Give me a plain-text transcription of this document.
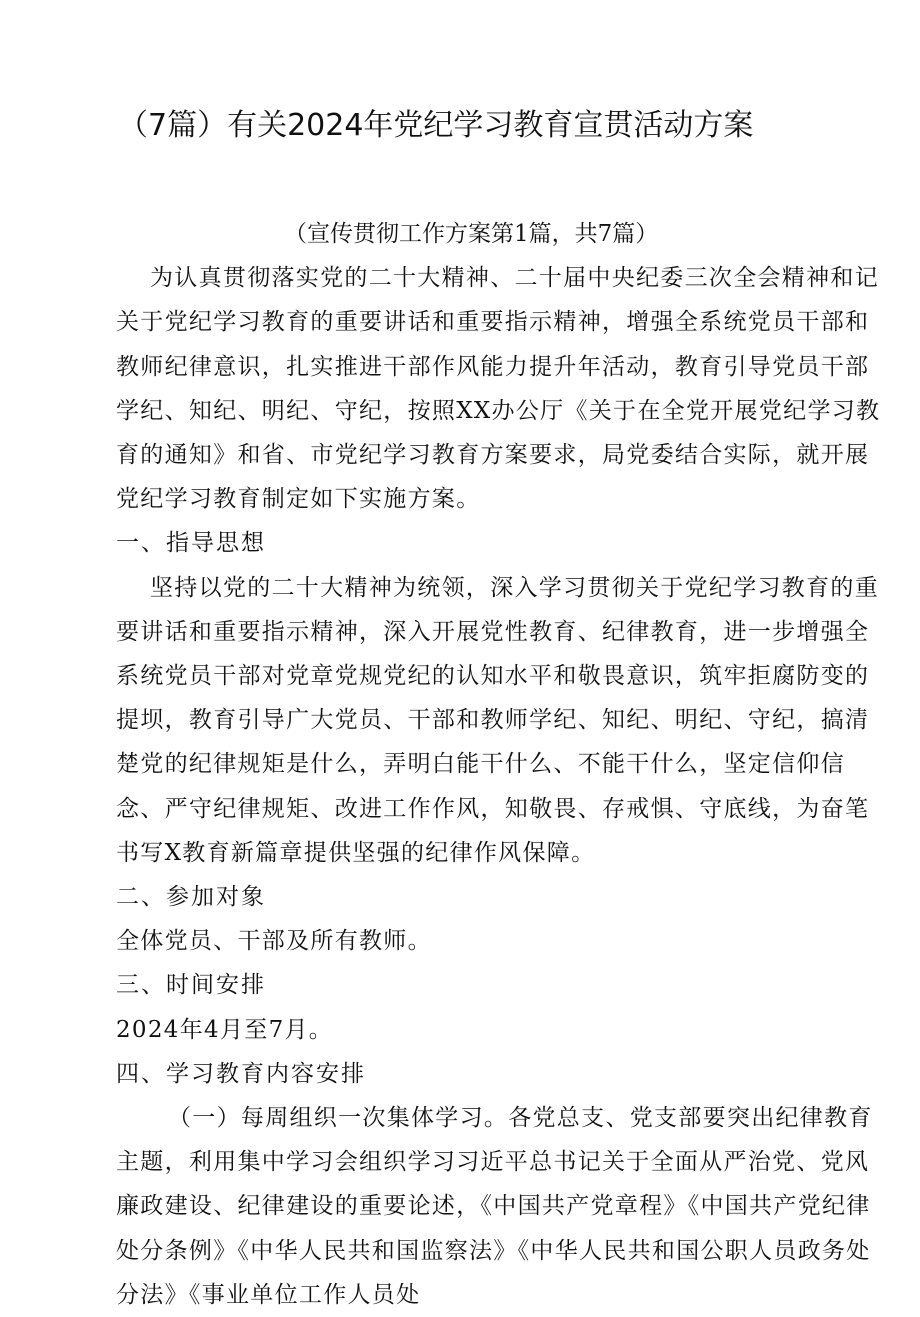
（7篇）有关2024年党纪学习教育宣贯活动方案

（宣传贯彻工作方案第1篇，共7篇）

为认真贯彻落实党的二十大精神、二十届中央纪委三次全会精神和记关于党纪学习教育的重要讲话和重要指示精神，增强全系统党员干部和教师纪律意识，扎实推进干部作风能力提升年活动，教育引导党员干部学纪、知纪、明纪、守纪，按照XX办公厅《关于在全党开展党纪学习教育的通知》和省、市党纪学习教育方案要求，局党委结合实际，就开展党纪学习教育制定如下实施方案。

一、指导思想

坚持以党的二十大精神为统领，深入学习贯彻关于党纪学习教育的重要讲话和重要指示精神，深入开展党性教育、纪律教育，进一步增强全系统党员干部对党章党规党纪的认知水平和敬畏意识，筑牢拒腐防变的提坝，教育引导广大党员、干部和教师学纪、知纪、明纪、守纪，搞清楚党的纪律规矩是什么，弄明白能干什么、不能干什么，坚定信仰信念、严守纪律规矩、改进工作作风，知敬畏、存戒惧、守底线，为奋笔书写X教育新篇章提供坚强的纪律作风保障。

二、参加对象

全体党员、干部及所有教师。

三、时间安排

2024年4月至7月。

四、学习教育内容安排

（一）每周组织一次集体学习。各党总支、党支部要突出纪律教育主题，利用集中学习会组织学习习近平总书记关于全面从严治党、党风廉政建设、纪律建设的重要论述，《中国共产党章程》《中国共产党纪律处分条例》《中华人民共和国监察法》《中华人民共和国公职人员政务处分法》《事业单位工作人员处
